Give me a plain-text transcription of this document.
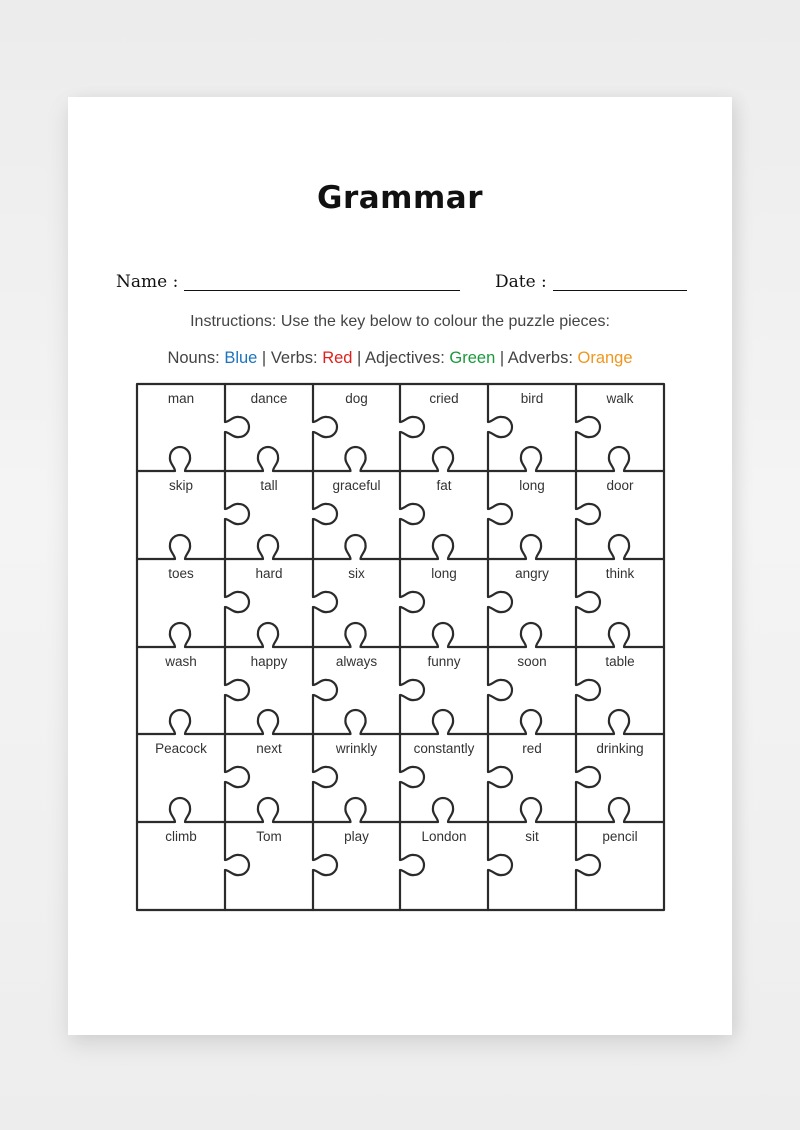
Grammar
Name :	Date :
Instructions: Use the key below to colour the puzzle pieces:
Nouns: Blue | Verbs: Red | Adjectives: Green | Adverbs: Orange
man	dance	dog	cried	bird	walk
skip	tall	graceful	fat	long	door
toes	hard	six	long	angry	think
wash	happy	always	funny	soon	table
Peacock	next	wrinkly	constantly	red	drinking
climb	Tom	play	London	sit	pencil
